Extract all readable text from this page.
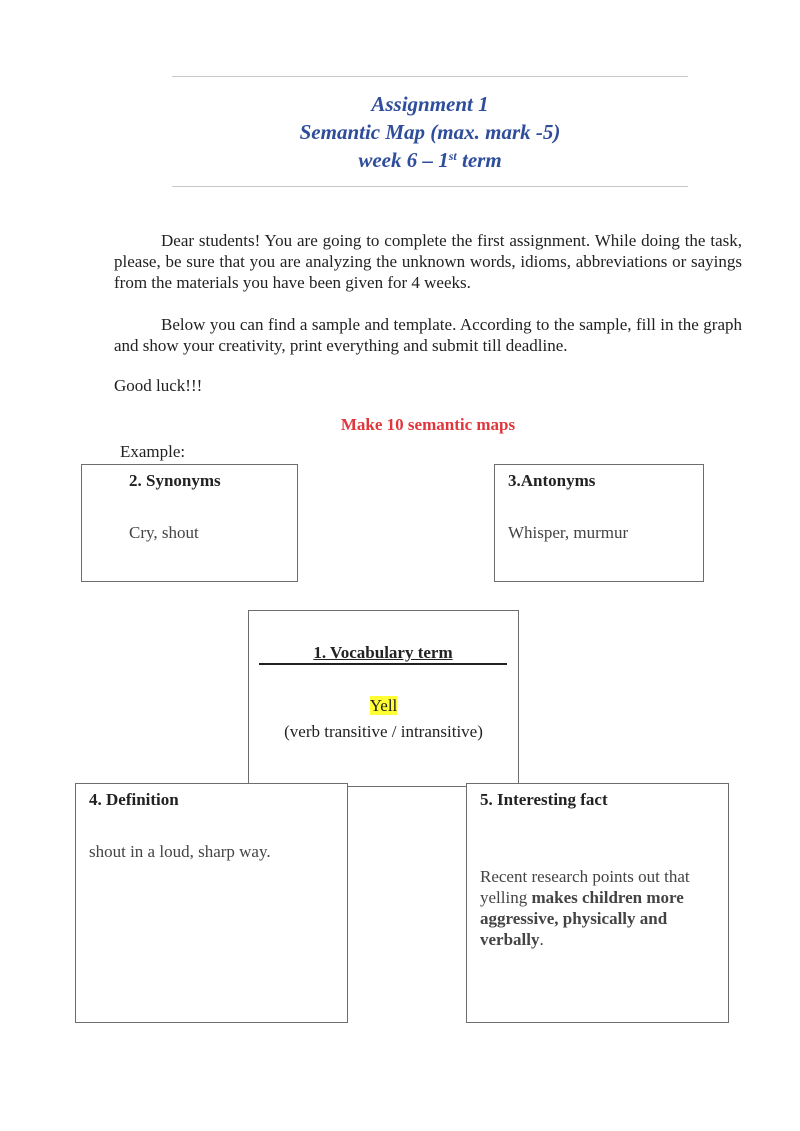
Assignment 1
Semantic Map (max. mark -5)
week 6 – 1st term
Dear students! You are going to complete the first assignment. While doing the task, please, be sure that you are analyzing the unknown words, idioms, abbreviations or sayings from the materials you have been given for 4 weeks.
Below you can find a sample and template. According to the sample, fill in the graph and show your creativity, print everything and submit till deadline.
Good luck!!!
Make 10 semantic maps
Example:
2. Synonyms
Cry, shout
3.Antonyms
Whisper, murmur
1. Vocabulary term
Yell
(verb transitive / intransitive)
4. Definition
shout in a loud, sharp way.
5. Interesting fact
Recent research points out that yelling makes children more aggressive, physically and verbally.
